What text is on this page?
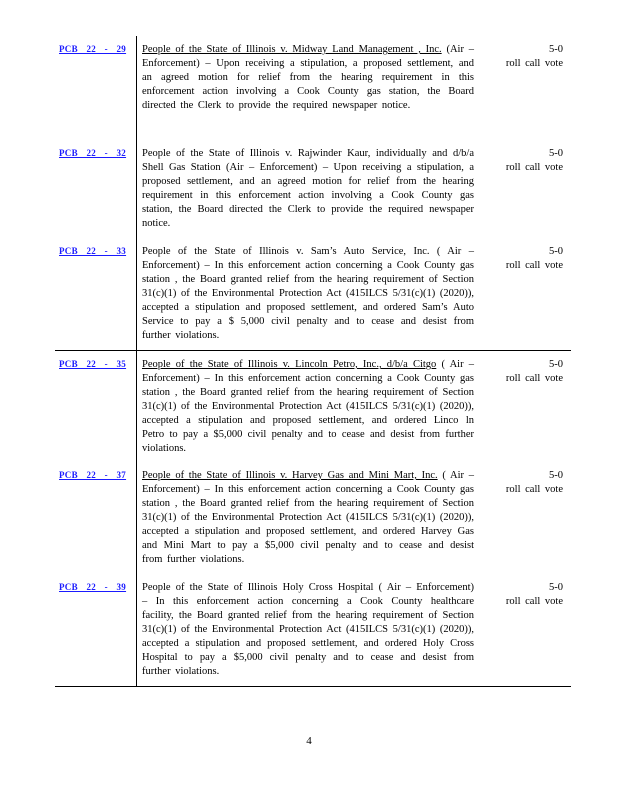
PCB 22 - 29 People of the State of Illinois v. Midway Land Management , Inc. (Air – Enforcement) – Upon receiving a stipulation, a proposed settlement, and an agreed motion for relief from the hearing requirement in this enforcement action involving a Cook County gas station, the Board directed the Clerk to provide the required newspaper notice.
5-0
roll call vote
PCB 22 - 32 People of the State of Illinois v. Rajwinder Kaur, individually and d/b/a Shell Gas Station (Air – Enforcement) – Upon receiving a stipulation, a proposed settlement, and an agreed motion for relief from the hearing requirement in this enforcement action involving a Cook County gas station, the Board directed the Clerk to provide the required newspaper notice.
5-0
roll call vote
PCB 22 - 33 People of the State of Illinois v. Sam’s Auto Service, Inc. ( Air – Enforcement) – In this enforcement action concerning a Cook County gas station , the Board granted relief from the hearing requirement of Section 31(c)(1) of the Environmental Protection Act (415ILCS 5/31(c)(1) (2020)), accepted a stipulation and proposed settlement, and ordered Sam’s Auto Service to pay a $ 5,000 civil penalty and to cease and desist from further violations.
5-0
roll call vote
PCB 22 - 35 People of the State of Illinois v. Lincoln Petro, Inc., d/b/a Citgo ( Air – Enforcement) – In this enforcement action concerning a Cook County gas station , the Board granted relief from the hearing requirement of Section 31(c)(1) of the Environmental Protection Act (415ILCS 5/31(c)(1) (2020)), accepted a stipulation and proposed settlement, and ordered Linco ln Petro to pay a $5,000 civil penalty and to cease and desist from further violations.
5-0
roll call vote
PCB 22 - 37 People of the State of Illinois v. Harvey Gas and Mini Mart, Inc. ( Air – Enforcement) – In this enforcement action concerning a Cook County gas station , the Board granted relief from the hearing requirement of Section 31(c)(1) of the Environmental Protection Act (415ILCS 5/31(c)(1) (2020)), accepted a stipulation and proposed settlement, and ordered Harvey Gas and Mini Mart to pay a $5,000 civil penalty and to cease and desist from further violations.
5-0
roll call vote
PCB 22 - 39 People of the State of Illinois Holy Cross Hospital ( Air – Enforcement) – In this enforcement action concerning a Cook County healthcare facility, the Board granted relief from the hearing requirement of Section 31(c)(1) of the Environmental Protection Act (415ILCS 5/31(c)(1) (2020)), accepted a stipulation and proposed settlement, and ordered Holy Cross Hospital to pay a $5,000 civil penalty and to cease and desist from further violations.
5-0
roll call vote
4
